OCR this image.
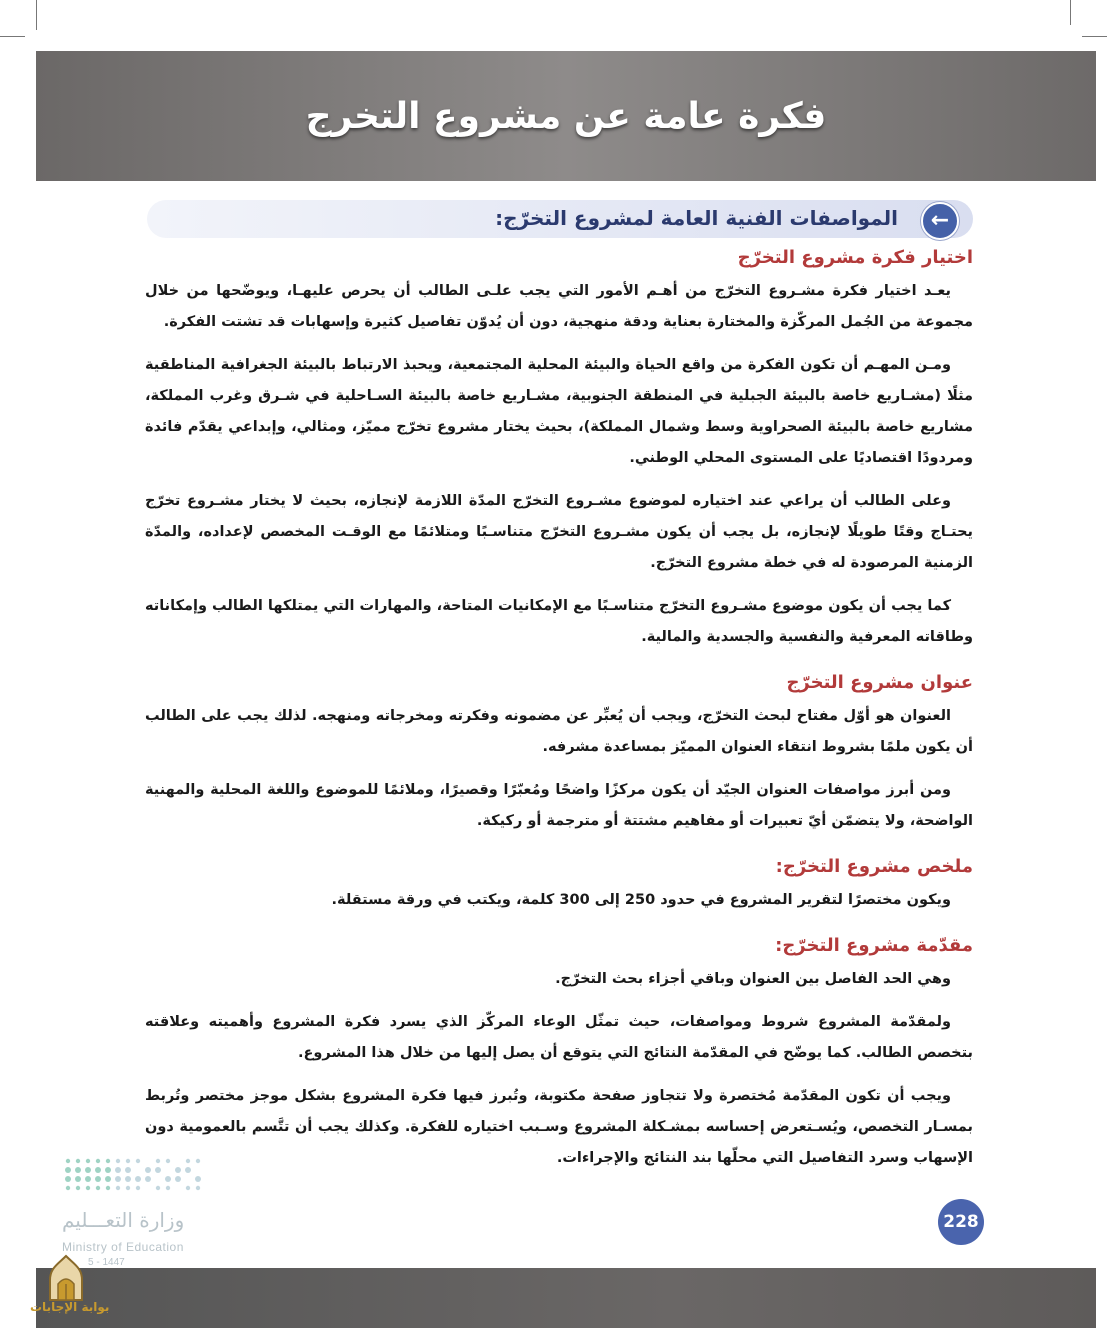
فكرة عامة عن مشروع التخرج
←
المواصفات الفنية العامة لمشروع التخرّج:

اختيار فكرة مشروع التخرّج

يعـد اختيار فكرة مشـروع التخرّج من أهـم الأمور التي يجب علـى الطالب أن يحرص عليهـا، ويوضّحها من خلال مجموعة من الجُمل المركّزة والمختارة بعناية ودقة منهجية، دون أن يُدوّن تفاصيل كثيرة وإسهابات قد تشتت الفكرة.

ومـن المهـم أن تكون الفكرة من واقع الحياة والبيئة المحلية المجتمعية، ويحبذ الارتباط بالبيئة الجغرافية المناطقية مثلًا (مشـاريع خاصة بالبيئة الجبلية في المنطقة الجنوبية، مشـاريع خاصة بالبيئة السـاحلية في شـرق وغرب المملكة، مشاريع خاصة بالبيئة الصحراوية وسط وشمال المملكة)، بحيث يختار مشروع تخرّج مميّز، ومثالي، وإبداعي يقدّم فائدة ومردودًا اقتصاديًا على المستوى المحلي الوطني.

وعلى الطالب أن يراعي عند اختياره لموضوع مشـروع التخرّج المدّة اللازمة لإنجازه، بحيث لا يختار مشـروع تخرّج يحتـاج وقتًا طويلًا لإنجازه، بل يجب أن يكون مشـروع التخرّج متناسـبًا ومتلائمًا مع الوقـت المخصص لإعداده، والمدّة الزمنية المرصودة له في خطة مشروع التخرّج.

كما يجب أن يكون موضوع مشـروع التخرّج متناسـبًا مع الإمكانيات المتاحة، والمهارات التي يمتلكها الطالب وإمكاناته وطاقاته المعرفية والنفسية والجسدية والمالية.

عنوان مشروع التخرّج

العنوان هو أوّل مفتاح لبحث التخرّج، ويجب أن يُعبِّر عن مضمونه وفكرته ومخرجاته ومنهجه. لذلك يجب على الطالب أن يكون ملمًا بشروط انتقاء العنوان المميّز بمساعدة مشرفه.

ومن أبرز مواصفات العنوان الجيّد أن يكون مركزًا واضحًا ومُعبّرًا وقصيرًا، وملائمًا للموضوع واللغة المحلية والمهنية الواضحة، ولا يتضمّن أيّ تعبيرات أو مفاهيم مشتتة أو مترجمة أو ركيكة.

ملخص مشروع التخرّج:

ويكون مختصرًا لتقرير المشروع في حدود 250 إلى 300 كلمة، ويكتب في ورقة مستقلة.

مقدّمة مشروع التخرّج:

وهي الحد الفاصل بين العنوان وباقي أجزاء بحث التخرّج.

ولمقدّمة المشروع شروط ومواصفات، حيث تمثّل الوعاء المركّز الذي يسرد فكرة المشروع وأهميته وعلاقته بتخصص الطالب. كما يوضّح في المقدّمة النتائج التي يتوقع أن يصل إليها من خلال هذا المشروع.

ويجب أن تكون المقدّمة مُختصرة ولا تتجاوز صفحة مكتوبة، وتُبرز فيها فكرة المشروع بشكل موجز مختصر وتُربط بمسـار التخصص، ويُسـتعرض إحساسه بمشـكلة المشروع وسـبب اختياره للفكرة. وكذلك يجب أن تتَّسم بالعمومية دون الإسهاب وسرد التفاصيل التي محلّها بند النتائج والإجراءات.

228
وزارة التعـــليم
Ministry of Education
5 - 1447
بوابة الإجابات
